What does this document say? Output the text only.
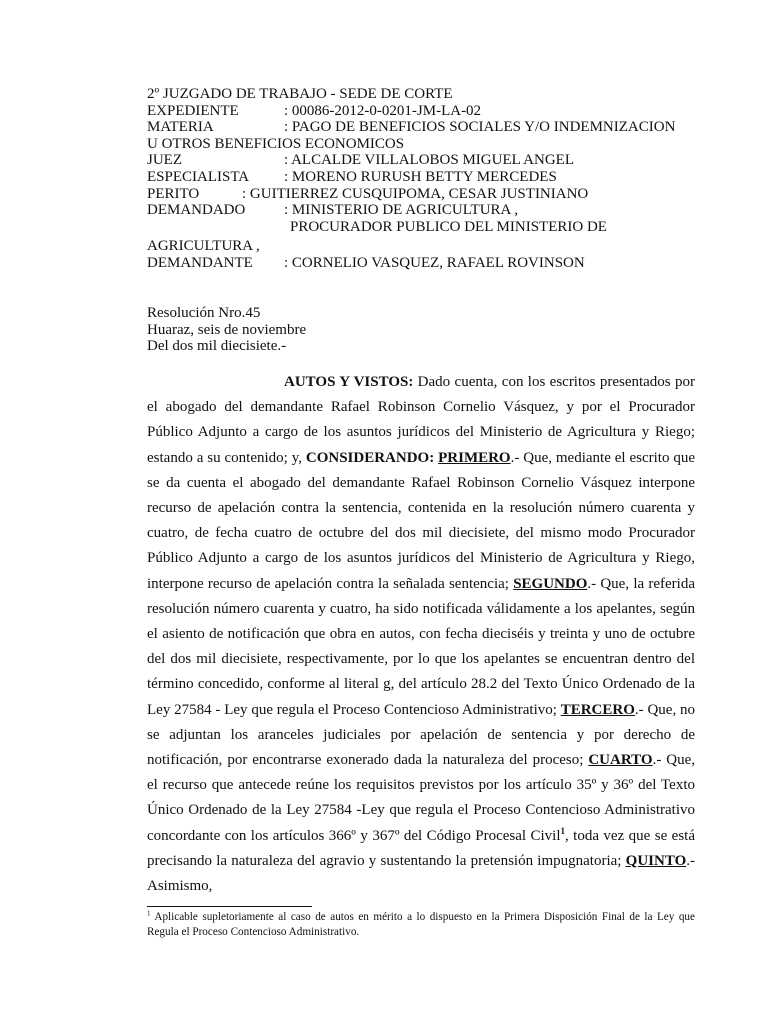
2º JUZGADO DE TRABAJO - SEDE DE CORTE
EXPEDIENTE	: 00086-2012-0-0201-JM-LA-02
MATERIA	: PAGO DE BENEFICIOS SOCIALES Y/O INDEMNIZACION
U OTROS BENEFICIOS ECONOMICOS
JUEZ	: ALCALDE VILLALOBOS MIGUEL ANGEL
ESPECIALISTA	: MORENO RURUSH BETTY MERCEDES
PERITO	: GUITIERREZ CUSQUIPOMA, CESAR JUSTINIANO
DEMANDADO	: MINISTERIO DE AGRICULTURA ,
PROCURADOR PUBLICO DEL MINISTERIO DE
AGRICULTURA ,
DEMANDANTE	: CORNELIO VASQUEZ, RAFAEL ROVINSON
Resolución Nro.45
Huaraz, seis de noviembre
Del dos mil diecisiete.-

AUTOS Y VISTOS: Dado cuenta, con los escritos presentados por el abogado del demandante Rafael Robinson Cornelio Vásquez, y por el Procurador Público Adjunto a cargo de los asuntos jurídicos del Ministerio de Agricultura y Riego; estando a su contenido; y, CONSIDERANDO: PRIMERO.- Que, mediante el escrito que se da cuenta el abogado del demandante Rafael Robinson Cornelio Vásquez interpone recurso de apelación contra la sentencia, contenida en la resolución número cuarenta y cuatro, de fecha cuatro de octubre del dos mil diecisiete, del mismo modo Procurador Público Adjunto a cargo de los asuntos jurídicos del Ministerio de Agricultura y Riego, interpone recurso de apelación contra la señalada sentencia; SEGUNDO.- Que, la referida resolución número cuarenta y cuatro, ha sido notificada válidamente a los apelantes, según el asiento de notificación que obra en autos, con fecha dieciséis y treinta y uno de octubre del dos mil diecisiete, respectivamente, por lo que los apelantes se encuentran dentro del término concedido, conforme al literal g, del artículo 28.2 del Texto Único Ordenado de la Ley 27584 - Ley que regula el Proceso Contencioso Administrativo; TERCERO.- Que, no se adjuntan los aranceles judiciales por apelación de sentencia y por derecho de notificación, por encontrarse exonerado dada la naturaleza del proceso; CUARTO.- Que, el recurso que antecede reúne los requisitos previstos por los artículo 35º y 36º del Texto Único Ordenado de la Ley 27584 -Ley que regula el Proceso Contencioso Administrativo concordante con los artículos 366º y 367º del Código Procesal Civil$^1$, toda vez que se está precisando la naturaleza del agravio y sustentando la pretensión impugnatoria; QUINTO.- Asimismo,

$^1$ Aplicable supletoriamente al caso de autos en mérito a lo dispuesto en la Primera Disposición Final de la Ley que Regula el Proceso Contencioso Administrativo.
